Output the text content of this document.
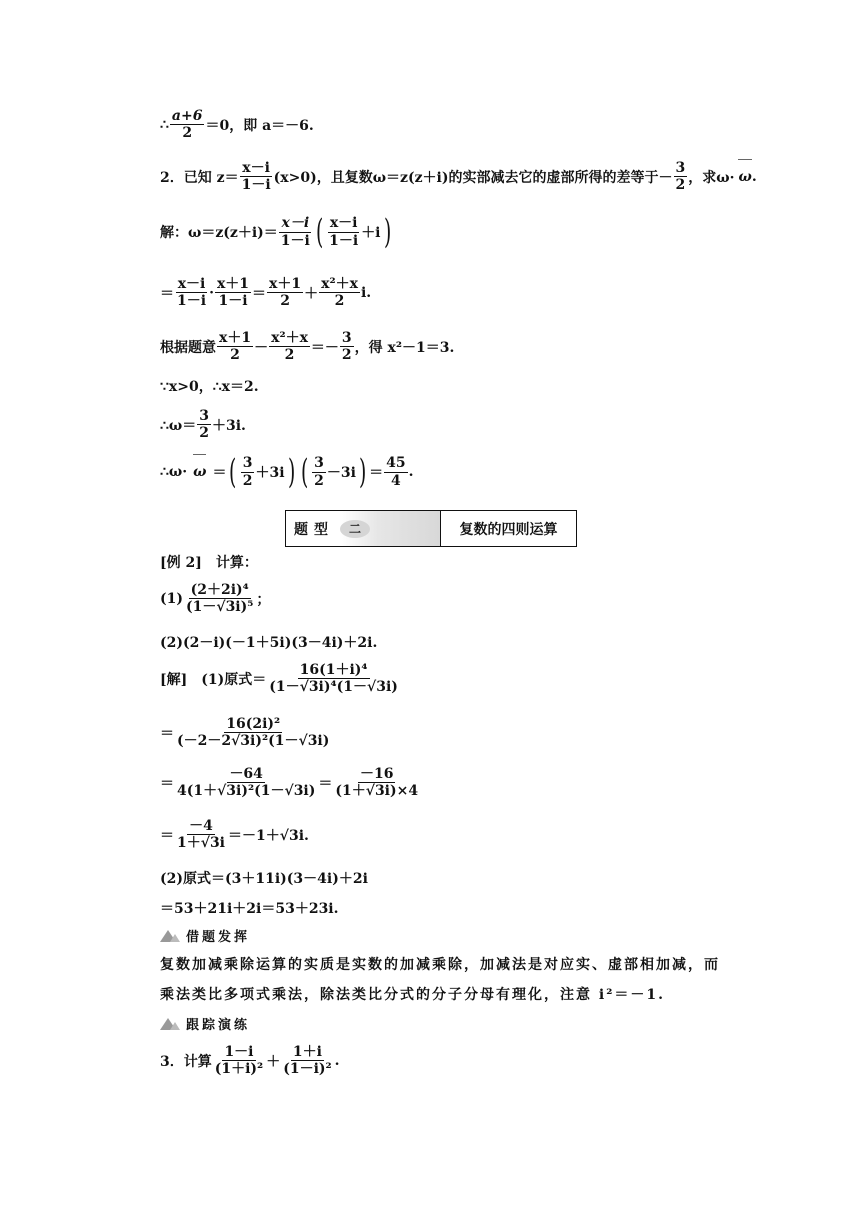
∴ $\frac{a+6}{2} =0$，即 a＝－6.
2．已知 $z= \frac{x-i}{1-i} (x>0)$，且复数ω＝z(z＋i)的实部减去它的虚部所得的差等于－ $\frac{3}{2}$ ，求ω· ω .
解：$\omega=z(z+i)= \frac{x-i}{1-i}$ ( $\frac{x-i}{1-i} +i$ )
＝ $\frac{x-i}{1-i} \cdot \frac{x+1}{1-i} = \frac{x+1}{2} + \frac{\text{x²＋x}}{2} i$.
根据题意 $\frac{x+1}{2} - \frac{\text{x²＋x}}{2} =- \frac{3}{2}$ ，得 x²－1＝3.
∵x>0，∴x＝2.
∴ω＝ $\frac{3}{2} +3i$.
∴ω· ω ＝ ( $\frac{3}{2} +3i$ ) ( $\frac{3}{2} -3i$ ) ＝ $\frac{45}{4}$ .
题型	二	复数的四则运算
[例 2]　计算：
$(1) \frac{\text{(2＋2i)⁴}}{\text{(1－√3i)⁵}}$ ；
(2)(2－i)(－1＋5i)(3－4i)＋2i.
[解]　(1)原式＝ $\frac{\text{16(1＋i)⁴}}{\text{(1－√3i)⁴(1－√3i)}}$
＝ $\frac{\text{16(2i)²}}{\text{(－2－2√3i)²(1－√3i)}}$
＝ $\frac{-64}{\text{4(1＋√3i)²(1－√3i)}} = \frac{-16}{(1+√3i)\times 4}$
＝ $\frac{-4}{1+√3i} =-1+√3i$.
(2)原式＝(3＋11i)(3－4i)＋2i
＝53＋21i＋2i＝53＋23i.
借题发挥
复数加减乘除运算的实质是实数的加减乘除，加减法是对应实、虚部相加减，而乘法类比多项式乘法，除法类比分式的分子分母有理化，注意 i²＝－1.
跟踪演练
3．计算 $\frac{1-i}{\text{(1＋i)²}} + \frac{1+i}{\text{(1－i)²}}$ .
